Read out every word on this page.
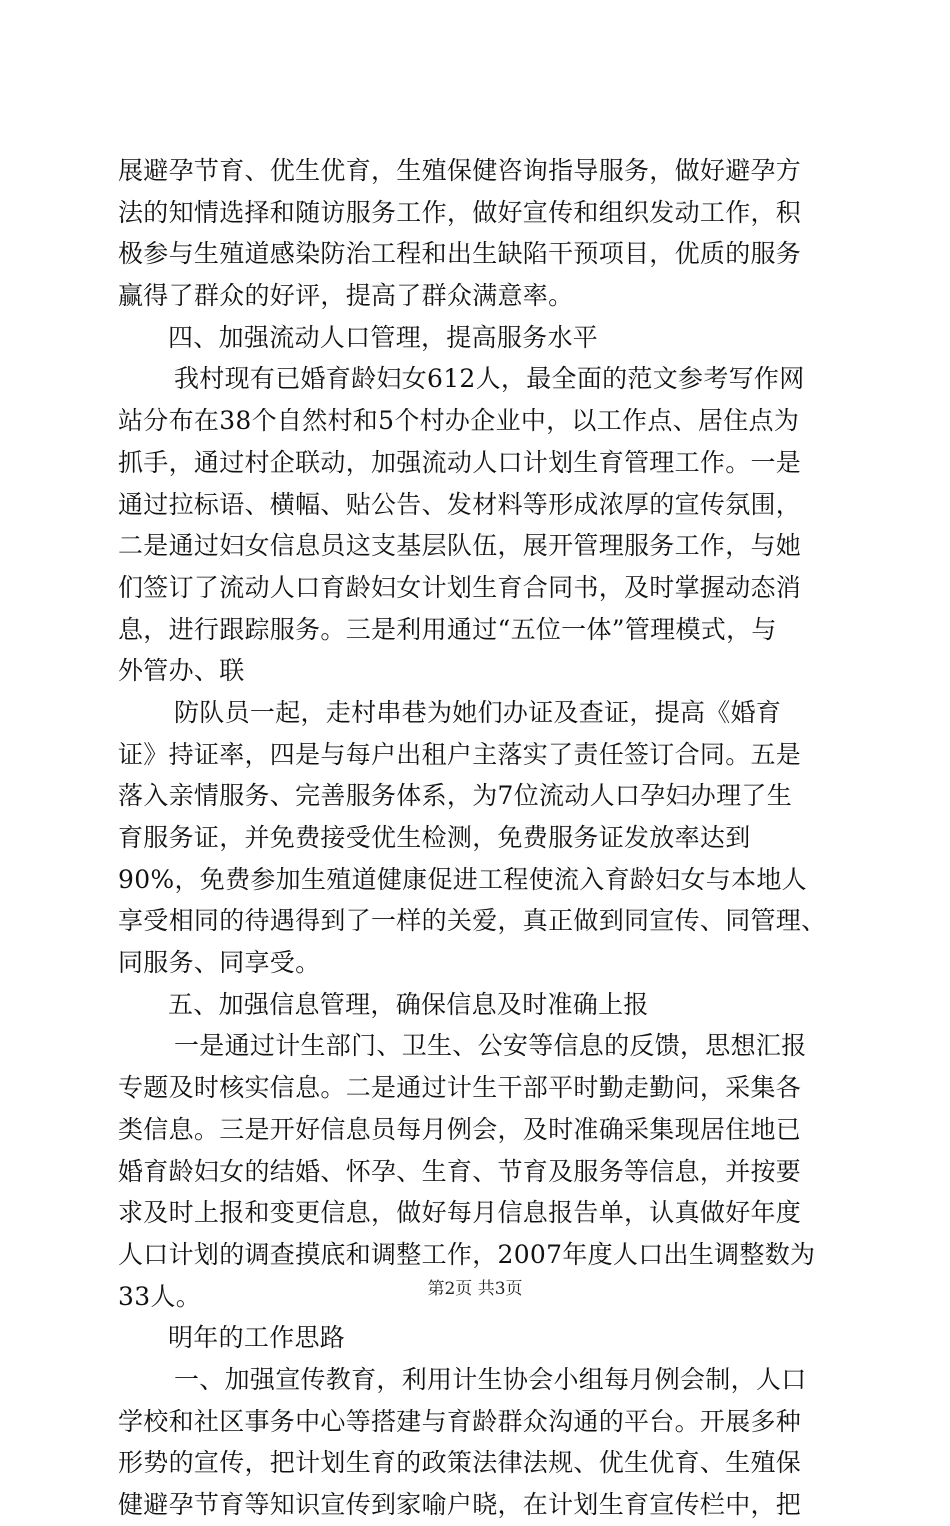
展避孕节育、优生优育，生殖保健咨询指导服务，做好避孕方
法的知情选择和随访服务工作，做好宣传和组织发动工作，积
极参与生殖道感染防治工程和出生缺陷干预项目，优质的服务
赢得了群众的好评，提高了群众满意率。
四、加强流动人口管理，提高服务水平
我村现有已婚育龄妇女612人，最全面的范文参考写作网
站分布在38个自然村和5个村办企业中，以工作点、居住点为
抓手，通过村企联动，加强流动人口计划生育管理工作。一是
通过拉标语、横幅、贴公告、发材料等形成浓厚的宣传氛围，
二是通过妇女信息员这支基层队伍，展开管理服务工作，与她
们签订了流动人口育龄妇女计划生育合同书，及时掌握动态消
息，进行跟踪服务。三是利用通过“五位一体”管理模式，与
外管办、联
防队员一起，走村串巷为她们办证及查证，提高《婚育
证》持证率，四是与每户出租户主落实了责任签订合同。五是
落入亲情服务、完善服务体系，为7位流动人口孕妇办理了生
育服务证，并免费接受优生检测，免费服务证发放率达到
90%，免费参加生殖道健康促进工程使流入育龄妇女与本地人
享受相同的待遇得到了一样的关爱，真正做到同宣传、同管理、
同服务、同享受。
五、加强信息管理，确保信息及时准确上报
一是通过计生部门、卫生、公安等信息的反馈，思想汇报
专题及时核实信息。二是通过计生干部平时勤走勤问，采集各
类信息。三是开好信息员每月例会，及时准确采集现居住地已
婚育龄妇女的结婚、怀孕、生育、节育及服务等信息，并按要
求及时上报和变更信息，做好每月信息报告单，认真做好年度
人口计划的调查摸底和调整工作，2007年度人口出生调整数为
33人。
明年的工作思路
一、加强宣传教育，利用计生协会小组每月例会制，人口
学校和社区事务中心等搭建与育龄群众沟通的平台。开展多种
形势的宣传，把计划生育的政策法律法规、优生优育、生殖保
健避孕节育等知识宣传到家喻户晓，在计划生育宣传栏中，把
第2页 共3页
